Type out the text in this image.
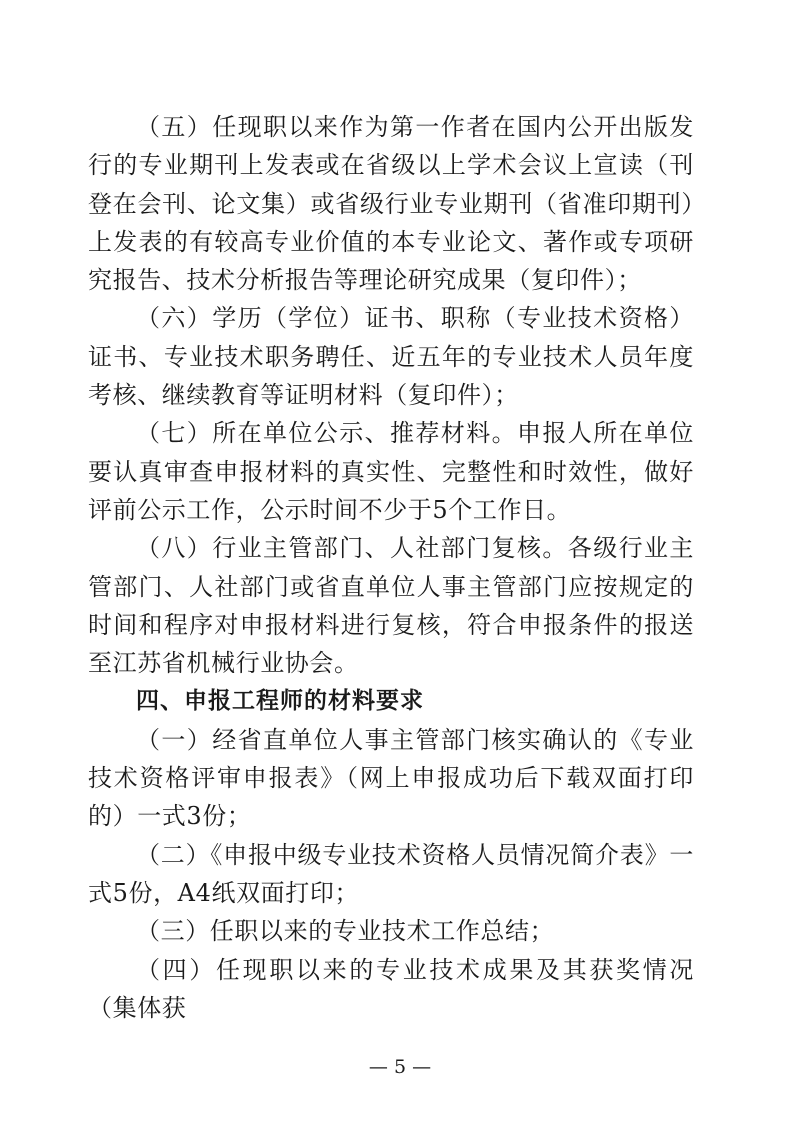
（五）任现职以来作为第一作者在国内公开出版发行的专业期刊上发表或在省级以上学术会议上宣读（刊登在会刊、论文集）或省级行业专业期刊（省准印期刊）上发表的有较高专业价值的本专业论文、著作或专项研究报告、技术分析报告等理论研究成果（复印件）；

（六）学历（学位）证书、职称（专业技术资格）证书、专业技术职务聘任、近五年的专业技术人员年度考核、继续教育等证明材料（复印件）；

（七）所在单位公示、推荐材料。申报人所在单位要认真审查申报材料的真实性、完整性和时效性，做好评前公示工作，公示时间不少于5个工作日。

（八）行业主管部门、人社部门复核。各级行业主管部门、人社部门或省直单位人事主管部门应按规定的时间和程序对申报材料进行复核，符合申报条件的报送至江苏省机械行业协会。

四、申报工程师的材料要求

（一）经省直单位人事主管部门核实确认的《专业技术资格评审申报表》（网上申报成功后下载双面打印的）一式3份；

（二）《申报中级专业技术资格人员情况简介表》一式5份，A4纸双面打印；

（三）任职以来的专业技术工作总结；

（四）任现职以来的专业技术成果及其获奖情况（集体获

— 5 —
